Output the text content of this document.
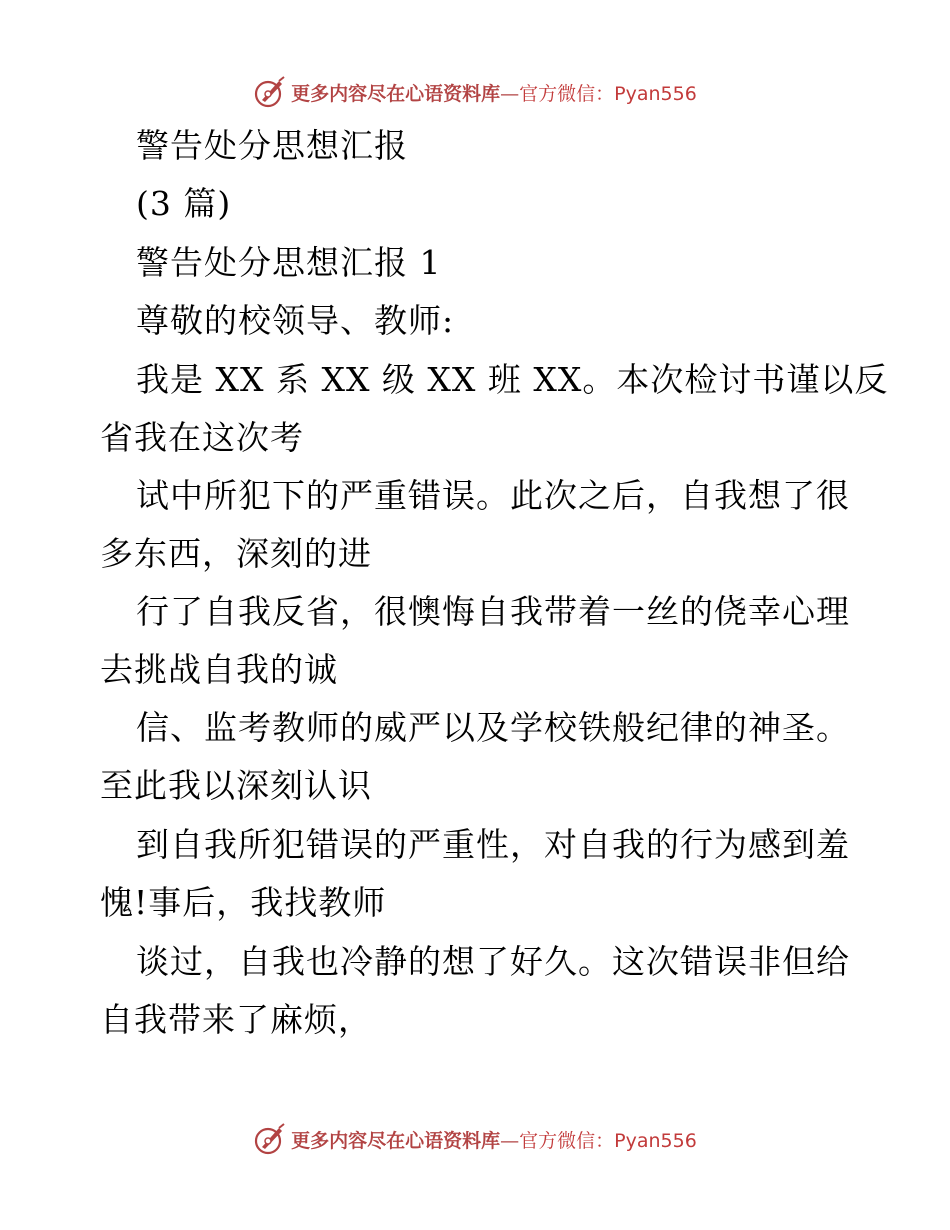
更多内容尽在心语资料库—官方微信：Pyan556
警告处分思想汇报
(3 篇)
警告处分思想汇报 1
尊敬的校领导、教师:
我是 XX 系 XX 级 XX 班 XX。本次检讨书谨以反
省我在这次考
试中所犯下的严重错误。此次之后，自我想了很
多东西，深刻的进
行了自我反省，很懊悔自我带着一丝的侥幸心理
去挑战自我的诚
信、监考教师的威严以及学校铁般纪律的神圣。
至此我以深刻认识
到自我所犯错误的严重性，对自我的行为感到羞
愧!事后，我找教师
谈过，自我也冷静的想了好久。这次错误非但给
自我带来了麻烦，
更多内容尽在心语资料库—官方微信：Pyan556
